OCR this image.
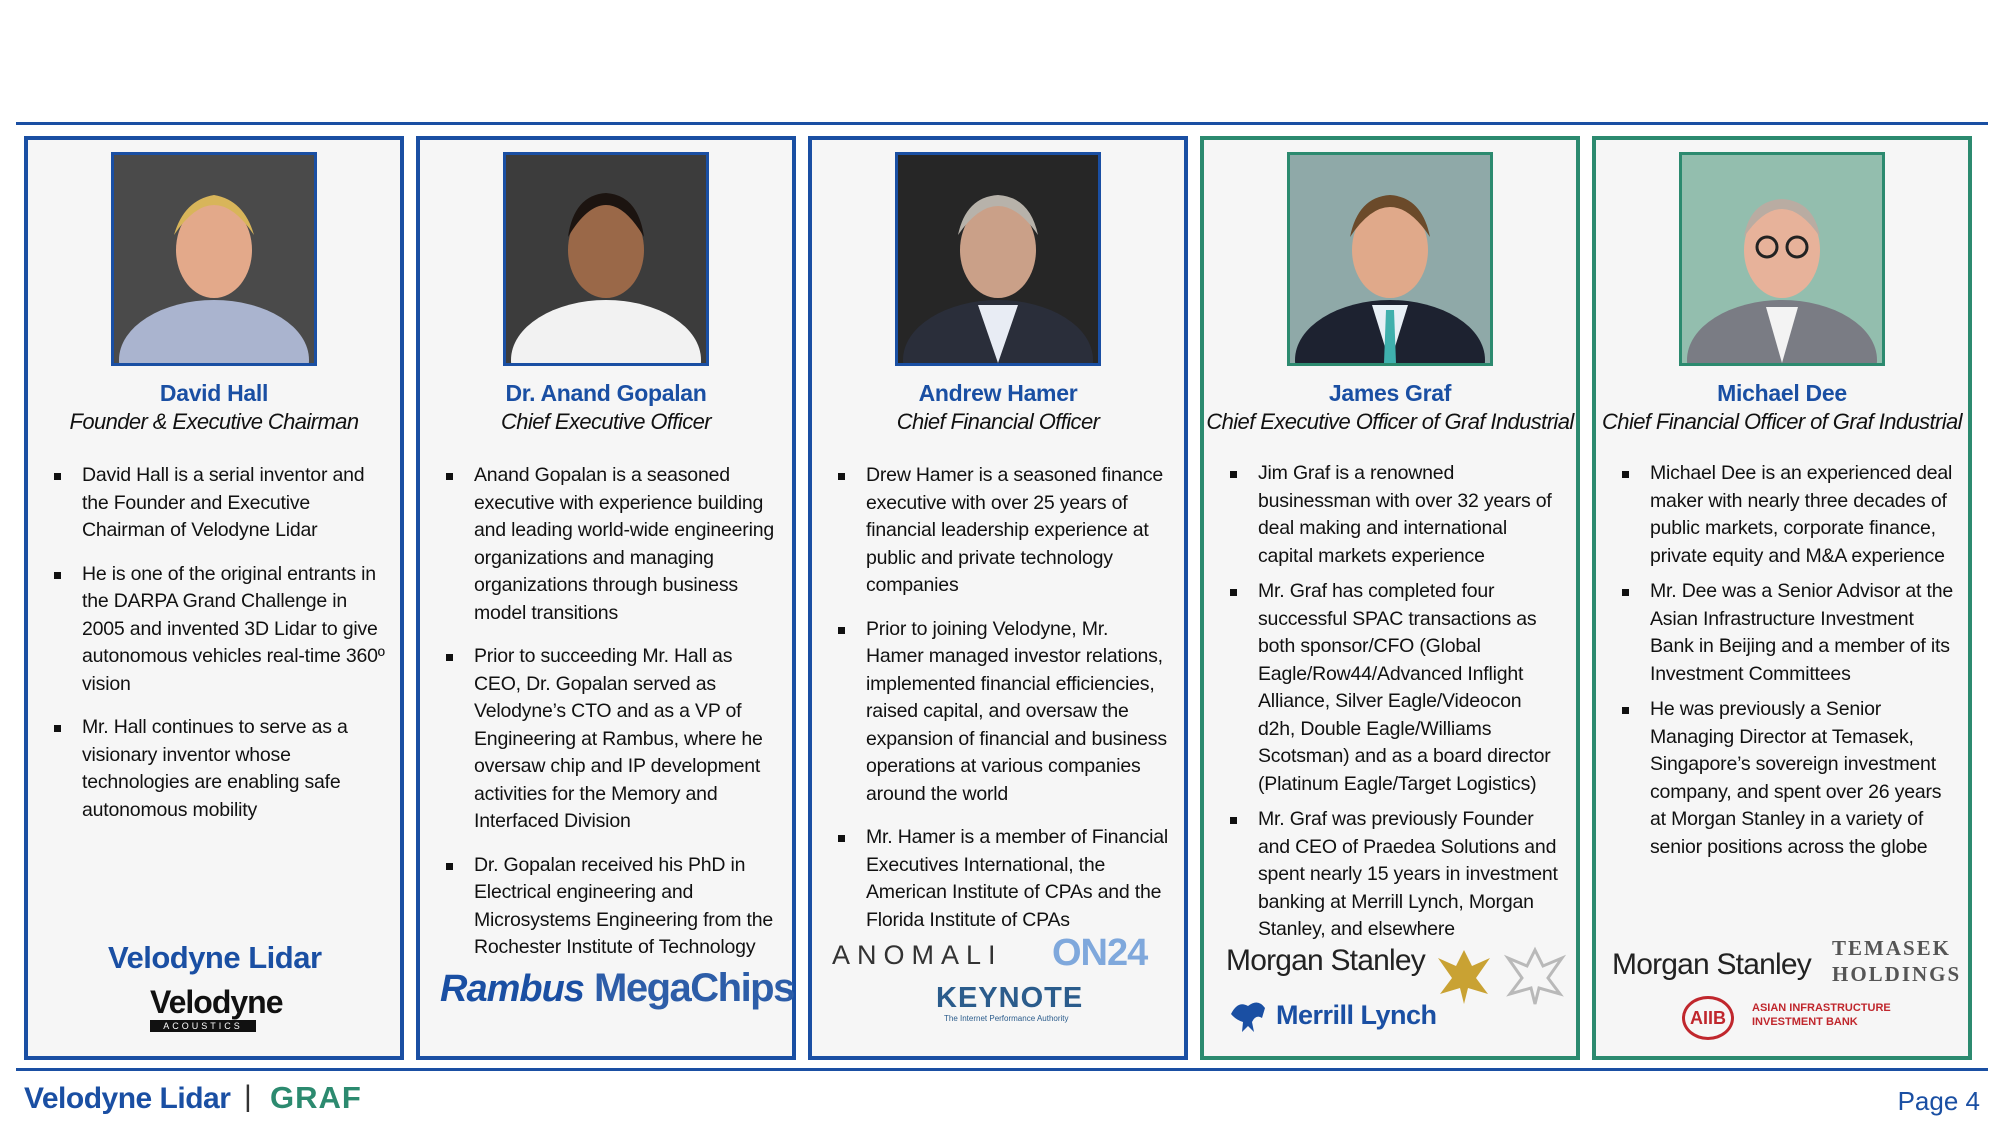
David Hall
Founder & Executive Chairman
David Hall is a serial inventor and the Founder and Executive Chairman of Velodyne Lidar
He is one of the original entrants in the DARPA Grand Challenge in 2005 and invented 3D Lidar to give autonomous vehicles real-time 360º vision
Mr. Hall continues to serve as a visionary inventor whose technologies are enabling safe autonomous mobility
Velodyne Lidar
Velodyne
ACOUSTICS
Dr. Anand Gopalan
Chief Executive Officer
Anand Gopalan is a seasoned executive with experience building and leading world-wide engineering organizations and managing organizations through business model transitions
Prior to succeeding Mr. Hall as CEO, Dr. Gopalan served as Velodyne’s CTO and as a VP of Engineering at Rambus, where he oversaw chip and IP development activities for the Memory and Interfaced Division
Dr. Gopalan received his PhD in Electrical engineering and Microsystems Engineering from the Rochester Institute of Technology
Rambus MegaChips
Andrew Hamer
Chief Financial Officer
Drew Hamer is a seasoned finance executive with over 25 years of financial leadership experience at public and private technology companies
Prior to joining Velodyne, Mr. Hamer managed investor relations, implemented financial efficiencies, raised capital, and oversaw the expansion of financial and business operations at various companies around the world
Mr. Hamer is a member of Financial Executives International, the American Institute of CPAs and the Florida Institute of CPAs
ANOMALI ON24
KEYNOTE
The Internet Performance Authority
James Graf
Chief Executive Officer of Graf Industrial
Jim Graf is a renowned businessman with over 32 years of deal making and international capital markets experience
Mr. Graf has completed four successful SPAC transactions as both sponsor/CFO (Global Eagle/Row44/Advanced Inflight Alliance, Silver Eagle/Videocon d2h, Double Eagle/Williams Scotsman) and as a board director (Platinum Eagle/Target Logistics)
Mr. Graf was previously Founder and CEO of Praedea Solutions and spent nearly 15 years in investment banking at Merrill Lynch, Morgan Stanley, and elsewhere
Morgan Stanley
Merrill Lynch
Michael Dee
Chief Financial Officer of Graf Industrial
Michael Dee is an experienced deal maker with nearly three decades of public markets, corporate finance, private equity and M&A experience
Mr. Dee was a Senior Advisor at the Asian Infrastructure Investment Bank in Beijing and a member of its Investment Committees
He was previously a Senior Managing Director at Temasek, Singapore’s sovereign investment company, and spent over 26 years at Morgan Stanley in a variety of senior positions across the globe
Morgan Stanley TEMASEK
HOLDINGS
AIIB	ASIAN INFRASTRUCTURE
INVESTMENT BANK
Velodyne Lidar | GRAF	Page 4
